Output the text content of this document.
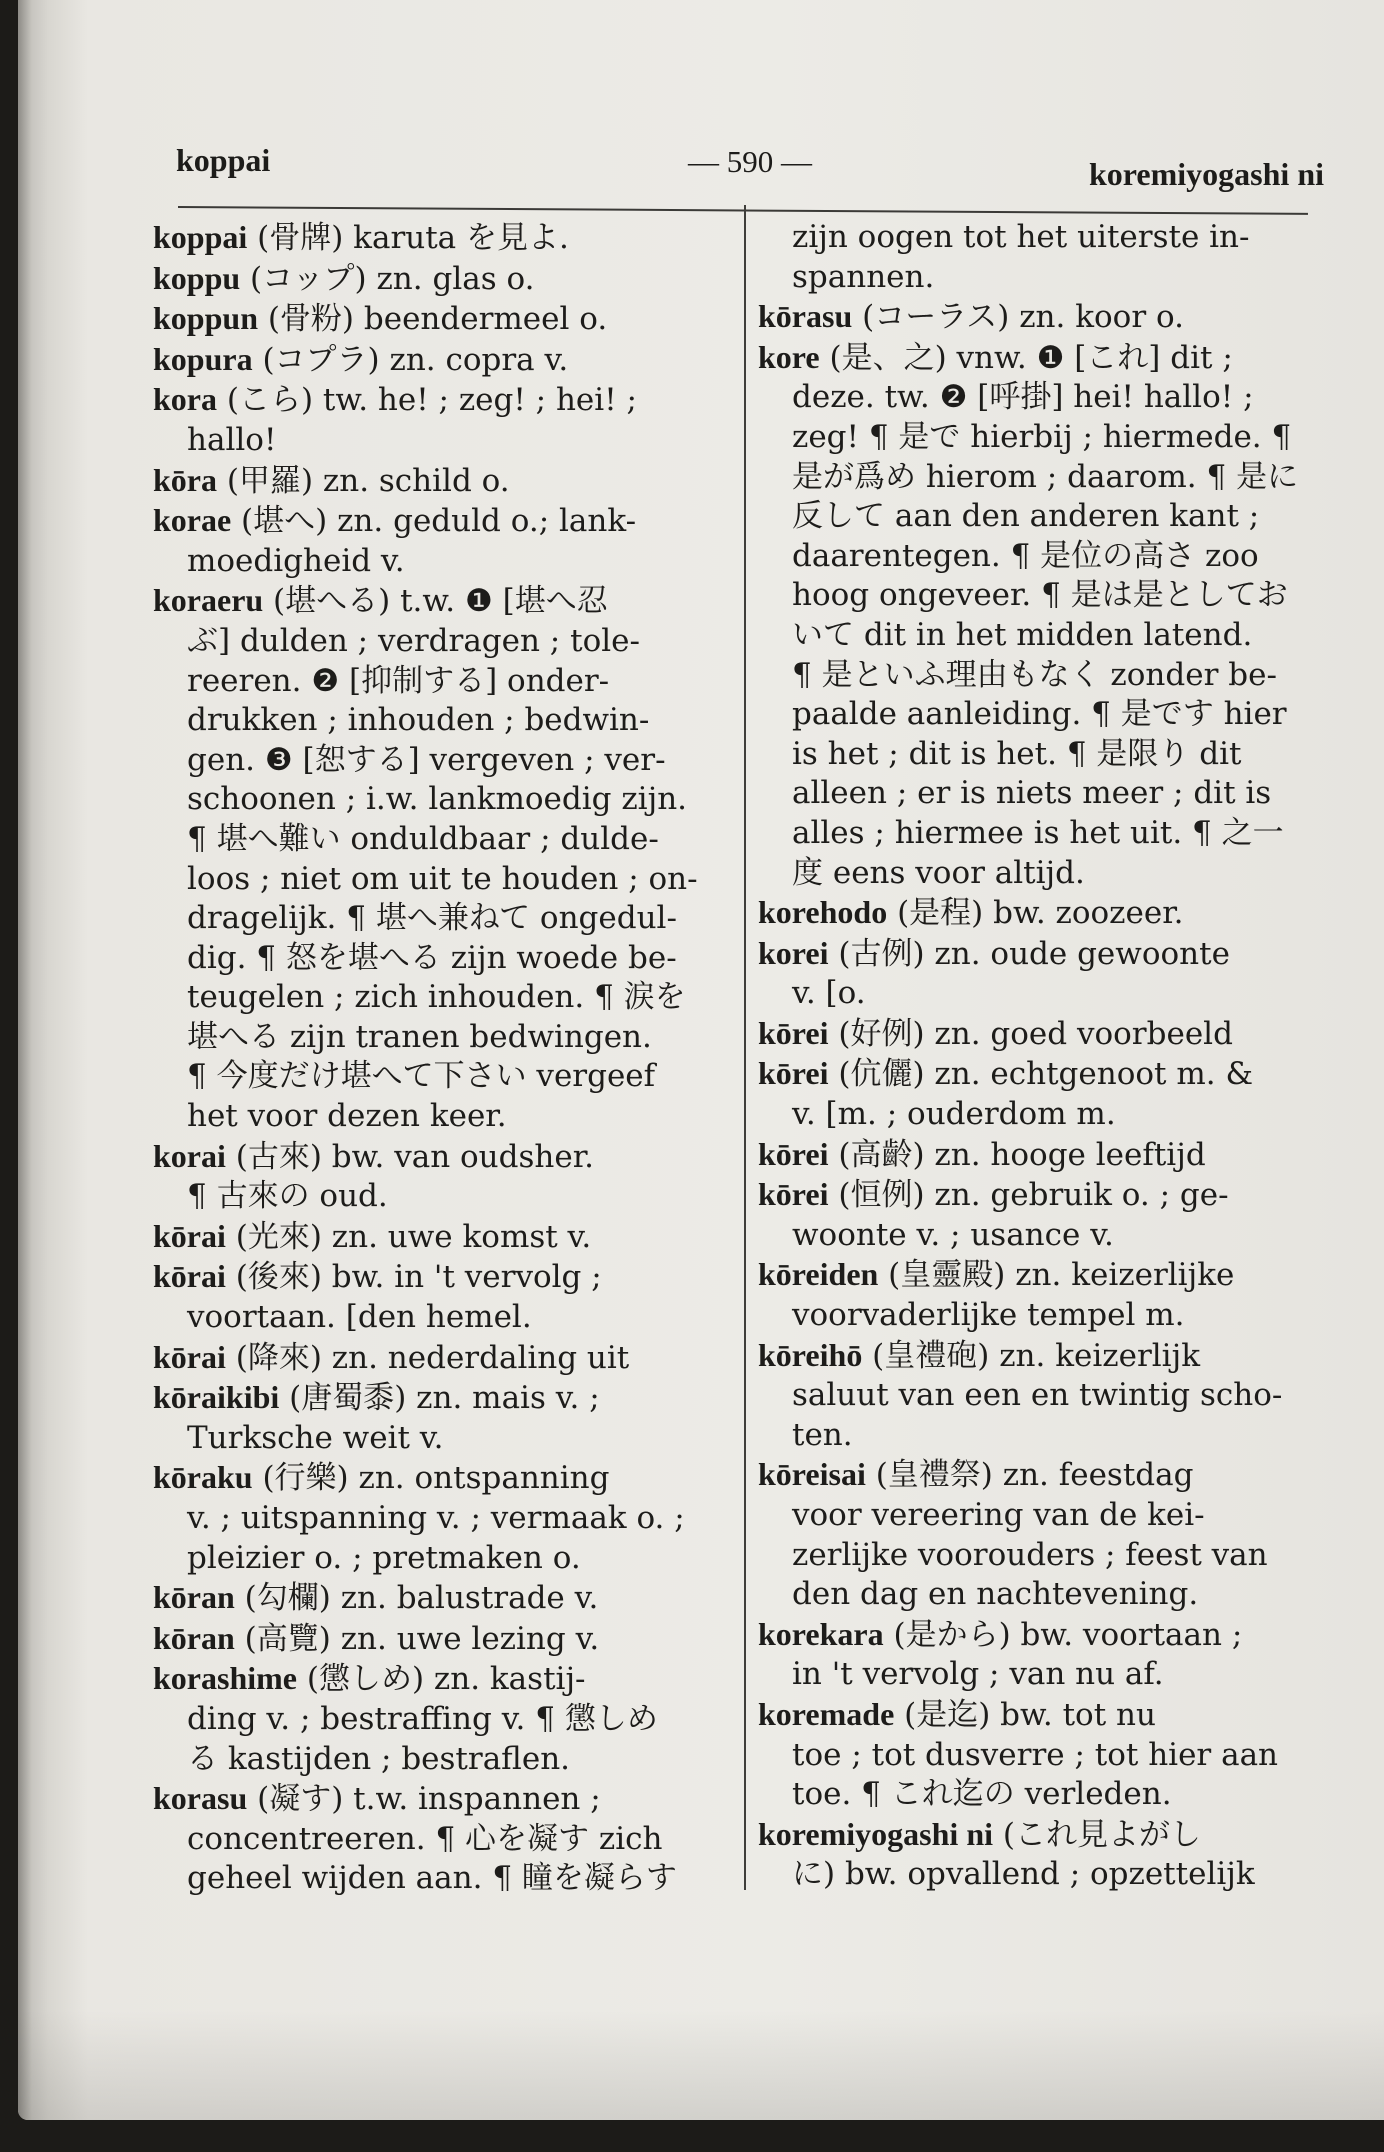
koppai	— 590 —	koremiyogashi ni
koppai (骨牌) karuta を見よ.
koppu (コップ) zn. glas o.
koppun (骨粉) beendermeel o.
kopura (コプラ) zn. copra v.
kora (こら) tw. he! ; zeg! ; hei! ;
hallo!
kōra (甲羅) zn. schild o.
korae (堪へ) zn. geduld o.; lank-
moedigheid v.
koraeru (堪へる) t.w. ❶ [堪へ忍
ぶ] dulden ; verdragen ; tole-
reeren. ❷ [抑制する] onder-
drukken ; inhouden ; bedwin-
gen. ❸ [恕する] vergeven ; ver-
schoonen ; i.w. lankmoedig zijn.
¶ 堪へ難い onduldbaar ; dulde-
loos ; niet om uit te houden ; on-
dragelijk. ¶ 堪へ兼ねて ongedul-
dig. ¶ 怒を堪へる zijn woede be-
teugelen ; zich inhouden. ¶ 涙を
堪へる zijn tranen bedwingen.
¶ 今度だけ堪へて下さい vergeef
het voor dezen keer.
korai (古來) bw. van oudsher.
¶ 古來の oud.
kōrai (光來) zn. uwe komst v.
kōrai (後來) bw. in 't vervolg ;
voortaan. [den hemel.
kōrai (降來) zn. nederdaling uit
kōraikibi (唐蜀黍) zn. mais v. ;
Turksche weit v.
kōraku (行樂) zn. ontspanning
v. ; uitspanning v. ; vermaak o. ;
pleizier o. ; pretmaken o.
kōran (勾欄) zn. balustrade v.
kōran (高覽) zn. uwe lezing v.
korashime (懲しめ) zn. kastij-
ding v. ; bestraffing v. ¶ 懲しめ
る kastijden ; bestraflen.
korasu (凝す) t.w. inspannen ;
concentreeren. ¶ 心を凝す zich
geheel wijden aan. ¶ 瞳を凝らす
zijn oogen tot het uiterste in-
spannen.
kōrasu (コーラス) zn. koor o.
kore (是、之) vnw. ❶ [これ] dit ;
deze. tw. ❷ [呼掛] hei! hallo! ;
zeg! ¶ 是で hierbij ; hiermede. ¶
是が爲め hierom ; daarom. ¶ 是に
反して aan den anderen kant ;
daarentegen. ¶ 是位の高さ zoo
hoog ongeveer. ¶ 是は是としてお
いて dit in het midden latend.
¶ 是といふ理由もなく zonder be-
paalde aanleiding. ¶ 是です hier
is het ; dit is het. ¶ 是限り dit
alleen ; er is niets meer ; dit is
alles ; hiermee is het uit. ¶ 之一
度 eens voor altijd.
korehodo (是程) bw. zoozeer.
korei (古例) zn. oude gewoonte
v. [o.
kōrei (好例) zn. goed voorbeeld
kōrei (伉儷) zn. echtgenoot m. &
v. [m. ; ouderdom m.
kōrei (高齡) zn. hooge leeftijd
kōrei (恒例) zn. gebruik o. ; ge-
woonte v. ; usance v.
kōreiden (皇靈殿) zn. keizerlijke
voorvaderlijke tempel m.
kōreihō (皇禮砲) zn. keizerlijk
saluut van een en twintig scho-
ten.
kōreisai (皇禮祭) zn. feestdag
voor vereering van de kei-
zerlijke voorouders ; feest van
den dag en nachtevening.
korekara (是から) bw. voortaan ;
in 't vervolg ; van nu af.
koremade (是迄) bw. tot nu
toe ; tot dusverre ; tot hier aan
toe. ¶ これ迄の verleden.
koremiyogashi ni (これ見よがし
に) bw. opvallend ; opzettelijk
